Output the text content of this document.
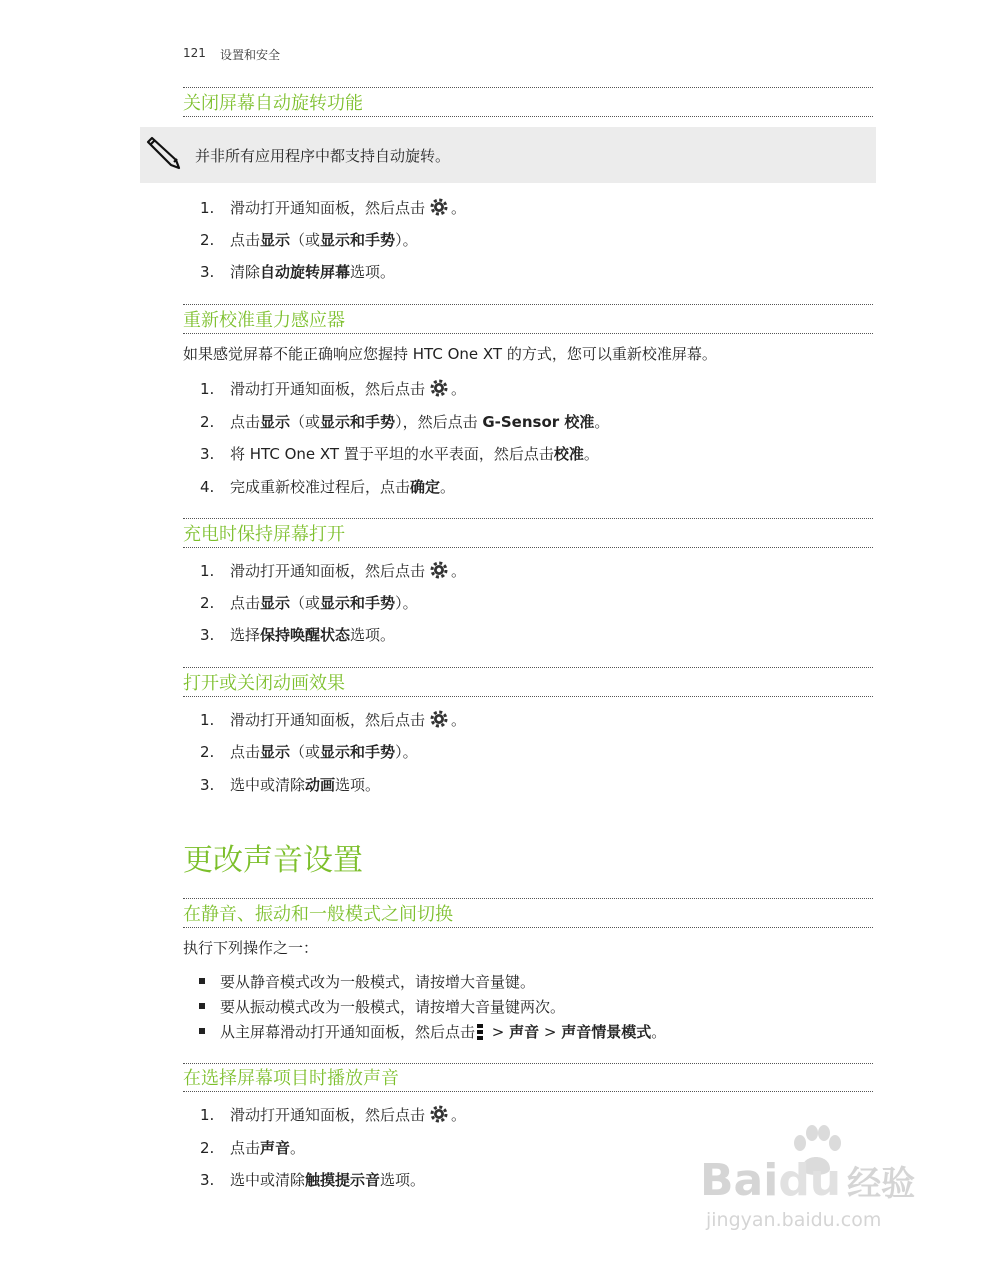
121 设置和安全
关闭屏幕自动旋转功能
并非所有应用程序中都支持自动旋转。
1. 滑动打开通知面板，然后点击 。
2. 点击显示（或显示和手势）。
3. 清除自动旋转屏幕选项。
重新校准重力感应器
如果感觉屏幕不能正确响应您握持 HTC One XT 的方式，您可以重新校准屏幕。
1. 滑动打开通知面板，然后点击 。
2. 点击显示（或显示和手势），然后点击 G-Sensor 校准。
3. 将 HTC One XT 置于平坦的水平表面，然后点击校准。
4. 完成重新校准过程后，点击确定。
充电时保持屏幕打开
1. 滑动打开通知面板，然后点击 。
2. 点击显示（或显示和手势）。
3. 选择保持唤醒状态选项。
打开或关闭动画效果
1. 滑动打开通知面板，然后点击 。
2. 点击显示（或显示和手势）。
3. 选中或清除动画选项。
更改声音设置
在静音、振动和一般模式之间切换
执行下列操作之一：
要从静音模式改为一般模式，请按增大音量键。
要从振动模式改为一般模式，请按增大音量键两次。
从主屏幕滑动打开通知面板，然后点击 > 声音 > 声音情景模式。
在选择屏幕项目时播放声音
1. 滑动打开通知面板，然后点击 。
2. 点击声音。
3. 选中或清除触摸提示音选项。	Baidu 经验
jingyan.baidu.com
